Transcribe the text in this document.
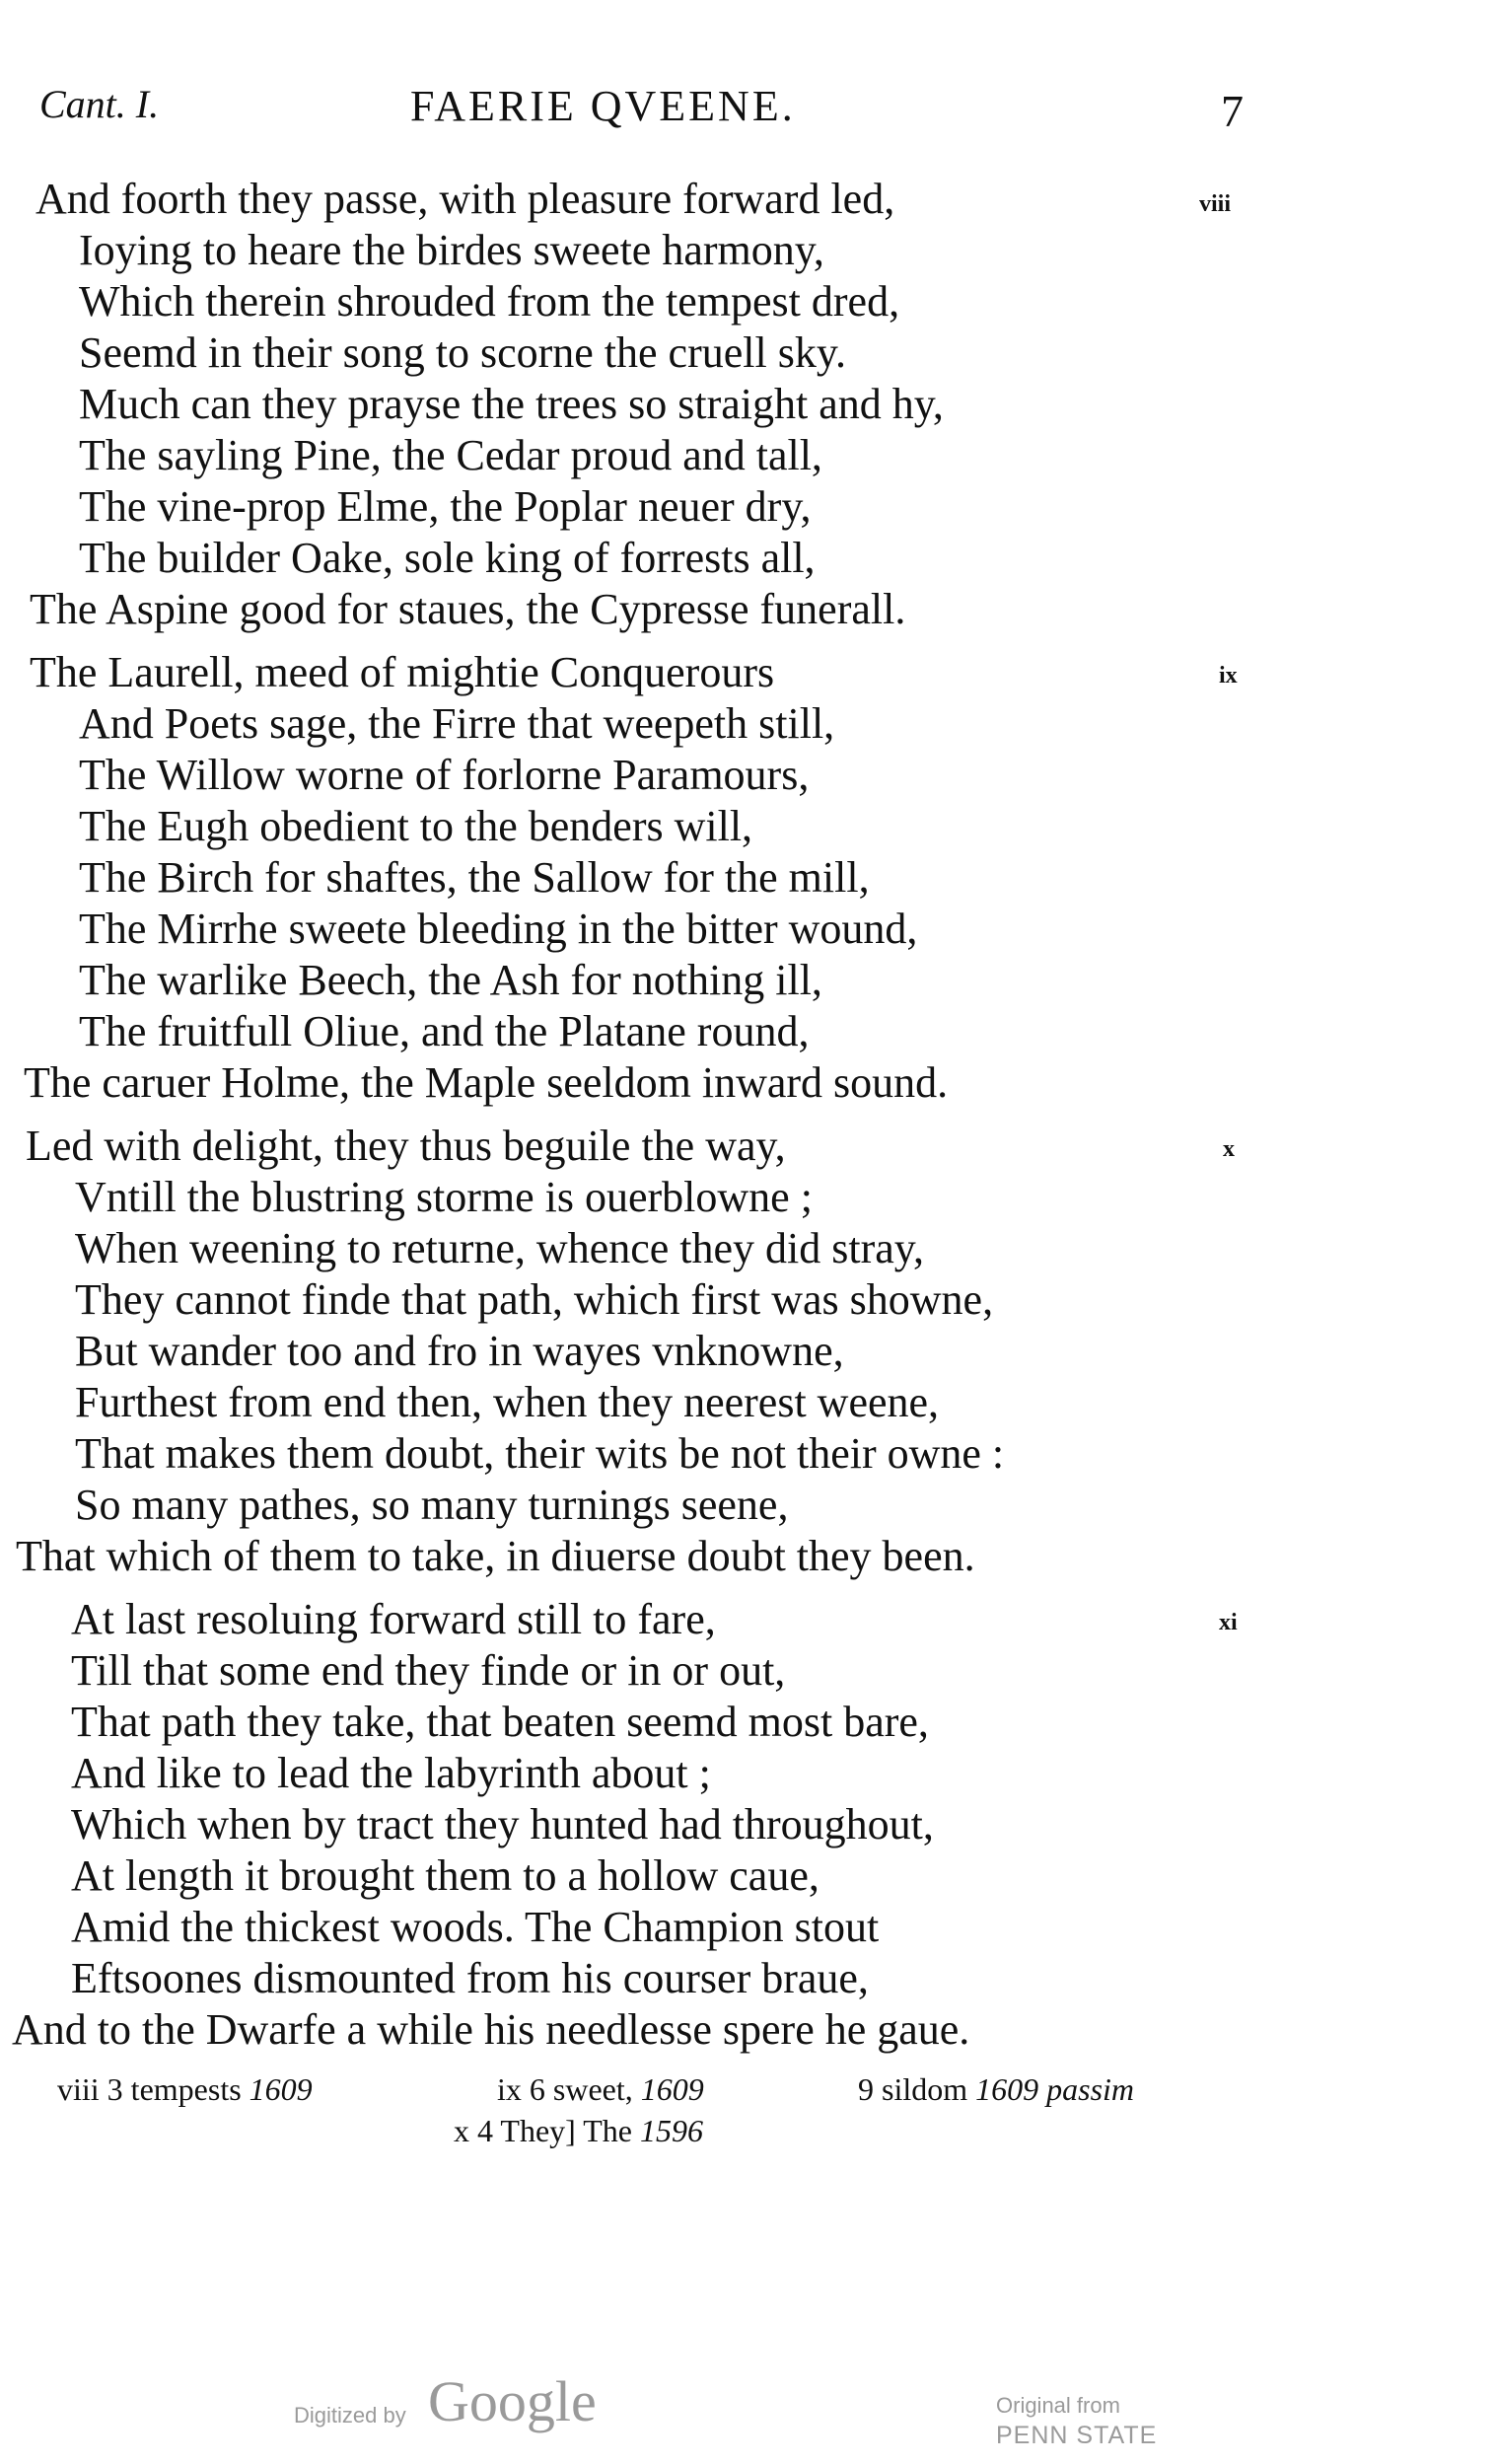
Cant. I.	FAERIE QVEENE.	7
viii
And foorth they passe, with pleasure forward led,
Ioying to heare the birdes sweete harmony,
Which therein shrouded from the tempest dred,
Seemd in their song to scorne the cruell sky.
Much can they prayse the trees so straight and hy,
The sayling Pine, the Cedar proud and tall,
The vine-prop Elme, the Poplar neuer dry,
The builder Oake, sole king of forrests all,
The Aspine good for staues, the Cypresse funerall.
ix
The Laurell, meed of mightie Conquerours
And Poets sage, the Firre that weepeth still,
The Willow worne of forlorne Paramours,
The Eugh obedient to the benders will,
The Birch for shaftes, the Sallow for the mill,
The Mirrhe sweete bleeding in the bitter wound,
The warlike Beech, the Ash for nothing ill,
The fruitfull Oliue, and the Platane round,
The caruer Holme, the Maple seeldom inward sound.
x
Led with delight, they thus beguile the way,
Vntill the blustring storme is ouerblowne ;
When weening to returne, whence they did stray,
They cannot finde that path, which first was showne,
But wander too and fro in wayes vnknowne,
Furthest from end then, when they neerest weene,
That makes them doubt, their wits be not their owne :
So many pathes, so many turnings seene,
That which of them to take, in diuerse doubt they been.
xi
At last resoluing forward still to fare,
Till that some end they finde or in or out,
That path they take, that beaten seemd most bare,
And like to lead the labyrinth about ;
Which when by tract they hunted had throughout,
At length it brought them to a hollow caue,
Amid the thickest woods. The Champion stout
Eftsoones dismounted from his courser braue,
And to the Dwarfe a while his needlesse spere he gaue.
viii 3 tempests 1609	ix 6 sweet, 1609	9 sildom 1609 passim
x 4 They] The 1596
Digitized by Google	Original from
PENN STATE
